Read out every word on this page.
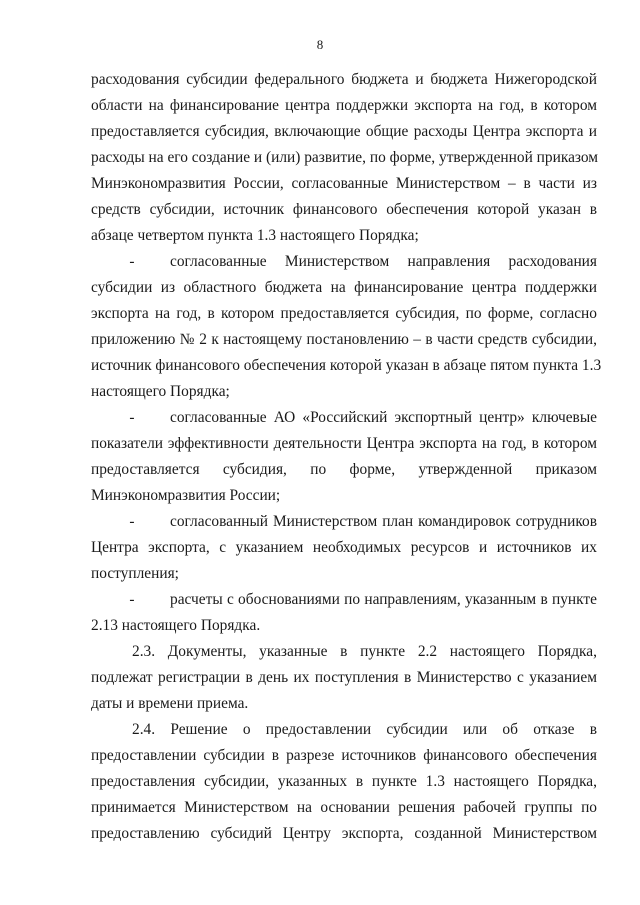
8
расходования субсидии федерального бюджета и бюджета Нижегородской
области на финансирование центра поддержки экспорта на год, в котором
предоставляется субсидия, включающие общие расходы Центра экспорта и
расходы на его создание и (или) развитие, по форме, утвержденной приказом
Минэкономразвития России, согласованные Министерством – в части из
средств субсидии, источник финансового обеспечения которой указан в
абзаце четвертом пункта 1.3 настоящего Порядка;
- согласованные Министерством направления расходования
субсидии из областного бюджета на финансирование центра поддержки
экспорта на год, в котором предоставляется субсидия, по форме, согласно
приложению № 2 к настоящему постановлению – в части средств субсидии,
источник финансового обеспечения которой указан в абзаце пятом пункта 1.3
настоящего Порядка;
- согласованные АО «Российский экспортный центр» ключевые
показатели эффективности деятельности Центра экспорта на год, в котором
предоставляется субсидия, по форме, утвержденной приказом
Минэкономразвития России;
- согласованный Министерством план командировок сотрудников
Центра экспорта, с указанием необходимых ресурсов и источников их
поступления;
- расчеты с обоснованиями по направлениям, указанным в пункте
2.13 настоящего Порядка.
2.3. Документы, указанные в пункте 2.2 настоящего Порядка,
подлежат регистрации в день их поступления в Министерство с указанием
даты и времени приема.
2.4. Решение о предоставлении субсидии или об отказе в
предоставлении субсидии в разрезе источников финансового обеспечения
предоставления субсидии, указанных в пункте 1.3 настоящего Порядка,
принимается Министерством на основании решения рабочей группы по
предоставлению субсидий Центру экспорта, созданной Министерством
